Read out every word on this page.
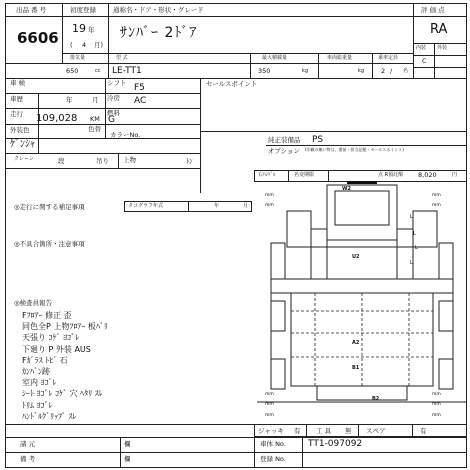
出品 番 号
6606
初度登録
19 年
( 4 月)
通称名・ドア・形状・グレード
ｻﾝﾊﾞｰ 2ﾄﾞｱ
評 価 点
RA
内装
C
外装
排気量
650	cc
型 式
LE-TT1
最大積載量
350	kg
車両総重量
kg
乗車定員
2 / 名
車 検	シフト F5	セールスポイント
車歴	年	月 冷房 AC
走行 109,028 KM
燃料
G
外装色
ｹﾞﾝｼｬ
色替
カラーNo.
純正装備品 PS
オプション (印載の無い物は、番前・担当記帳・セールスポイント)
クレーン	段	吊り 上物	ﾄﾝ
右ﾊﾝﾄﾞﾙ	名変期限	点 R預託額 8,020	円
◎走行に関する補足事項	タコグラフ年式	年	月
◎不具合箇所・注意事項
◎検査員報告
Fﾌﾛｱｰ 修正 歪
同色全P 上物ﾌﾛｱｰ 板ﾊﾞﾘ
天張り ｺｹﾞ ﾖｺﾞﾚ
下廻り P 外装 AUS
Fｶﾞﾗｽ ﾄﾋﾞ 石
ｶﾝﾊﾞﾝ跡
室内 ﾖｺﾞﾚ
ｼｰﾄ ﾖｺﾞﾚ ｺｹﾞ 穴 ﾍﾀﾘ ｽﾚ
ﾄﾘﾑ ﾖｺﾞﾚ
ﾊﾝﾄﾞﾙｸﾞﾘｯﾌﾟ ｽﾚ
W2
U2
A2
B1
B2
L
L
L
L
mm
mm
mm
mm
mm
mm
mm
mm
mm
mm
ジャッキ 有 工 具 無 スペア	有
諸 元	欄
備 考	欄
車体 No. TT1-097092
登録 No.
